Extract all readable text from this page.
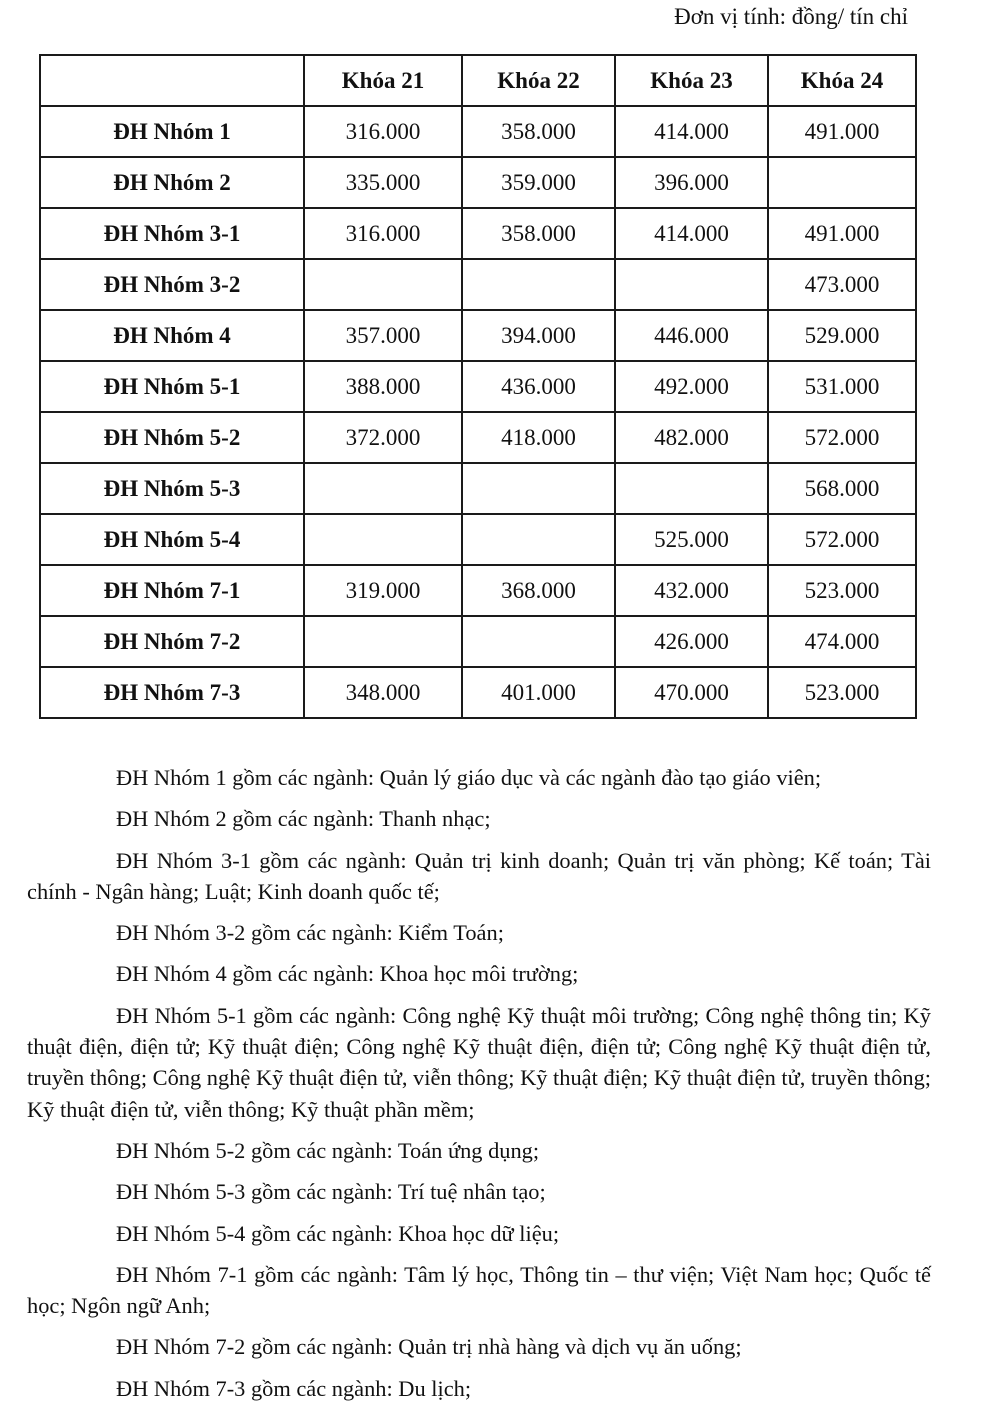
Đơn vị tính: đồng/ tín chỉ
	Khóa 21	Khóa 22	Khóa 23	Khóa 24
ĐH Nhóm 1	316.000	358.000	414.000	491.000
ĐH Nhóm 2	335.000	359.000	396.000	
ĐH Nhóm 3-1	316.000	358.000	414.000	491.000
ĐH Nhóm 3-2				473.000
ĐH Nhóm 4	357.000	394.000	446.000	529.000
ĐH Nhóm 5-1	388.000	436.000	492.000	531.000
ĐH Nhóm 5-2	372.000	418.000	482.000	572.000
ĐH Nhóm 5-3				568.000
ĐH Nhóm 5-4			525.000	572.000
ĐH Nhóm 7-1	319.000	368.000	432.000	523.000
ĐH Nhóm 7-2			426.000	474.000
ĐH Nhóm 7-3	348.000	401.000	470.000	523.000

ĐH Nhóm 1 gồm các ngành: Quản lý giáo dục và các ngành đào tạo giáo viên;

ĐH Nhóm 2 gồm các ngành: Thanh nhạc;

ĐH Nhóm 3-1 gồm các ngành: Quản trị kinh doanh; Quản trị văn phòng; Kế toán; Tài chính - Ngân hàng; Luật; Kinh doanh quốc tế;

ĐH Nhóm 3-2 gồm các ngành: Kiểm Toán;

ĐH Nhóm 4 gồm các ngành: Khoa học môi trường;

ĐH Nhóm 5-1 gồm các ngành: Công nghệ Kỹ thuật môi trường; Công nghệ thông tin; Kỹ thuật điện, điện tử; Kỹ thuật điện; Công nghệ Kỹ thuật điện, điện tử; Công nghệ Kỹ thuật điện tử, truyền thông; Công nghệ Kỹ thuật điện tử, viễn thông; Kỹ thuật điện; Kỹ thuật điện tử, truyền thông; Kỹ thuật điện tử, viễn thông; Kỹ thuật phần mềm;

ĐH Nhóm 5-2 gồm các ngành: Toán ứng dụng;

ĐH Nhóm 5-3 gồm các ngành: Trí tuệ nhân tạo;

ĐH Nhóm 5-4 gồm các ngành: Khoa học dữ liệu;

ĐH Nhóm 7-1 gồm các ngành: Tâm lý học, Thông tin – thư viện; Việt Nam học; Quốc tế học; Ngôn ngữ Anh;

ĐH Nhóm 7-2 gồm các ngành: Quản trị nhà hàng và dịch vụ ăn uống;

ĐH Nhóm 7-3 gồm các ngành: Du lịch;
